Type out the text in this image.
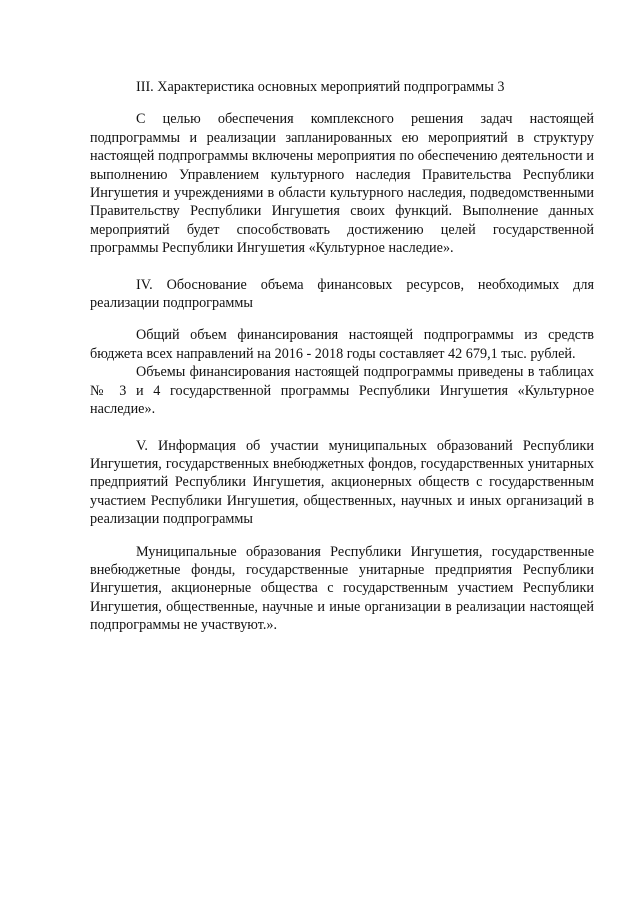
III. Характеристика основных мероприятий подпрограммы 3

С целью обеспечения комплексного решения задач настоящей подпрограммы и реализации запланированных ею мероприятий в структуру настоящей подпрограммы включены мероприятия по обеспечению деятельности и выполнению Управлением культурного наследия Правительства Республики Ингушетия и учреждениями в области культурного наследия, подведомственными Правительству Республики Ингушетия своих функций. Выполнение данных мероприятий будет способствовать достижению целей государственной программы Республики Ингушетия «Культурное наследие».

IV. Обоснование объема финансовых ресурсов, необходимых для реализации подпрограммы

Общий объем финансирования настоящей подпрограммы из средств бюджета всех направлений на 2016 - 2018 годы составляет 42 679,1 тыс. рублей.

Объемы финансирования настоящей подпрограммы приведены в таблицах № 3 и 4 государственной программы Республики Ингушетия «Культурное наследие».

V. Информация об участии муниципальных образований Республики Ингушетия, государственных внебюджетных фондов, государственных унитарных предприятий Республики Ингушетия, акционерных обществ с государственным участием Республики Ингушетия, общественных, научных и иных организаций в реализации подпрограммы

Муниципальные образования Республики Ингушетия, государственные внебюджетные фонды, государственные унитарные предприятия Республики Ингушетия, акционерные общества с государственным участием Республики Ингушетия, общественные, научные и иные организации в реализации настоящей подпрограммы не участвуют.».
